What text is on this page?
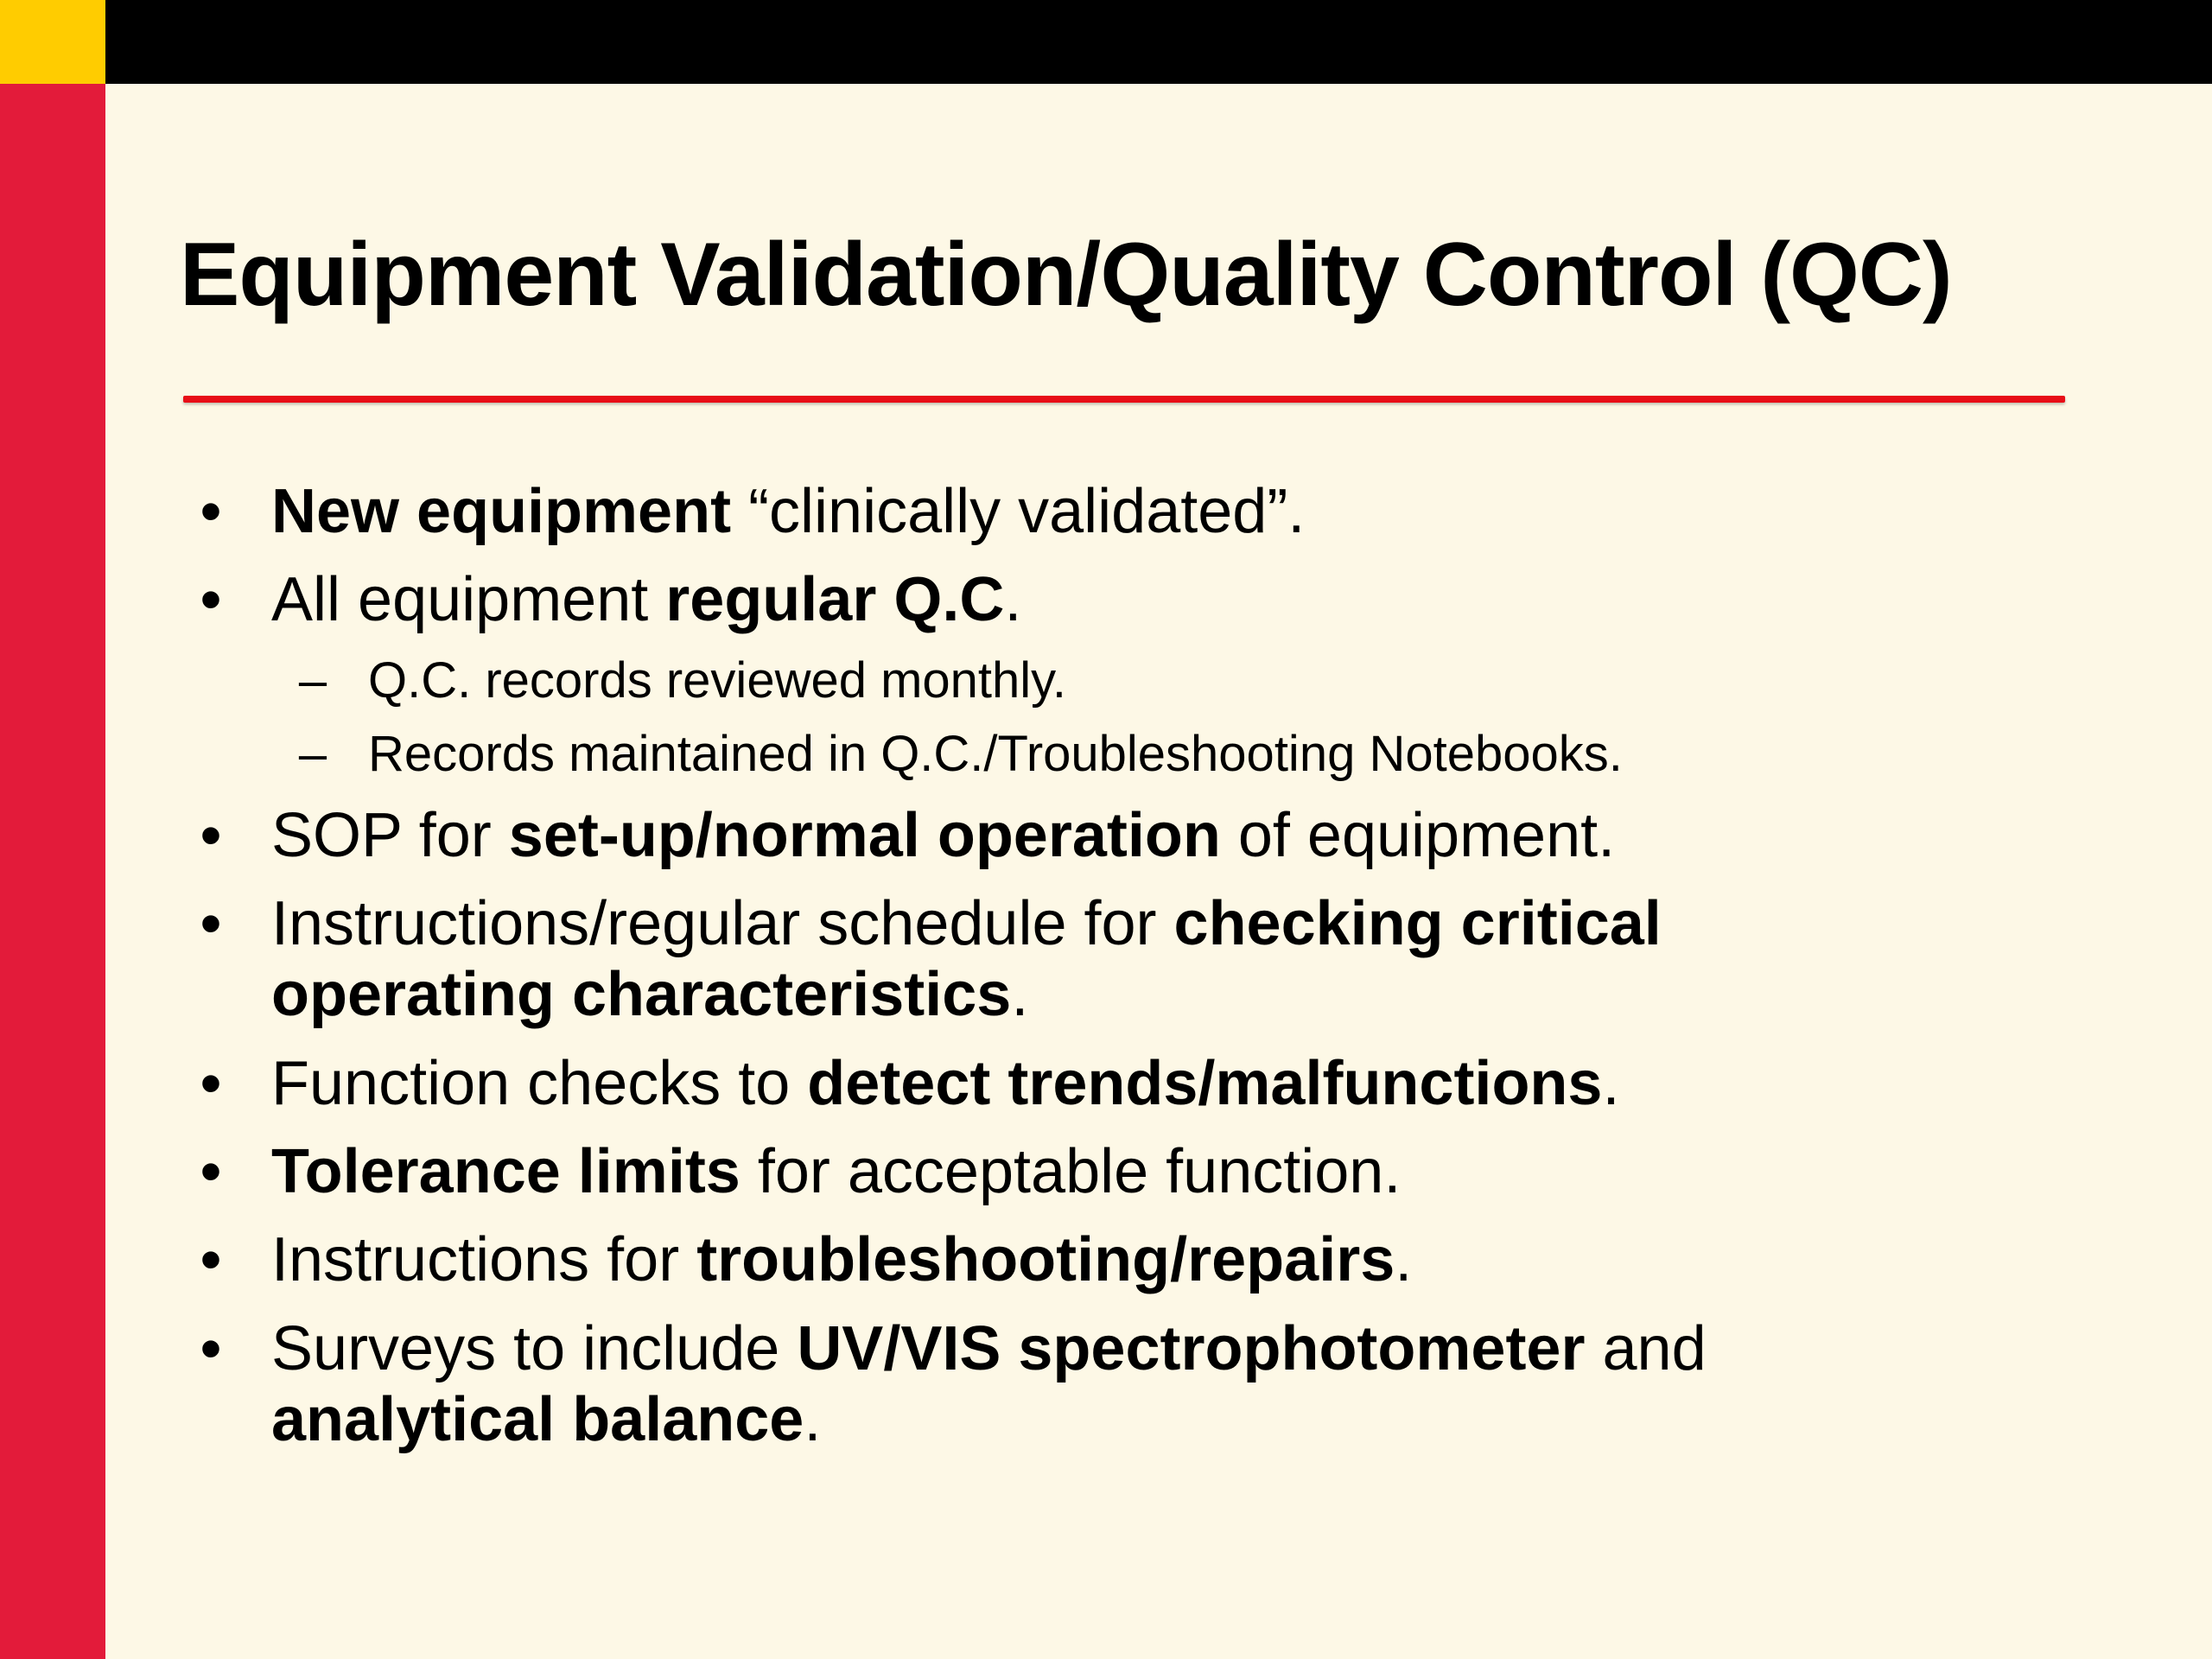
Equipment Validation/Quality Control (QC)
• New equipment “clinically validated”.
• All equipment regular Q.C.
– Q.C. records reviewed monthly.
– Records maintained in Q.C./Troubleshooting Notebooks.
• SOP for set-up/normal operation of equipment.
• Instructions/regular schedule for checking critical
operating characteristics.
• Function checks to detect trends/malfunctions.
• Tolerance limits for acceptable function.
• Instructions for troubleshooting/repairs.
• Surveys to include UV/VIS spectrophotometer and
analytical balance.
